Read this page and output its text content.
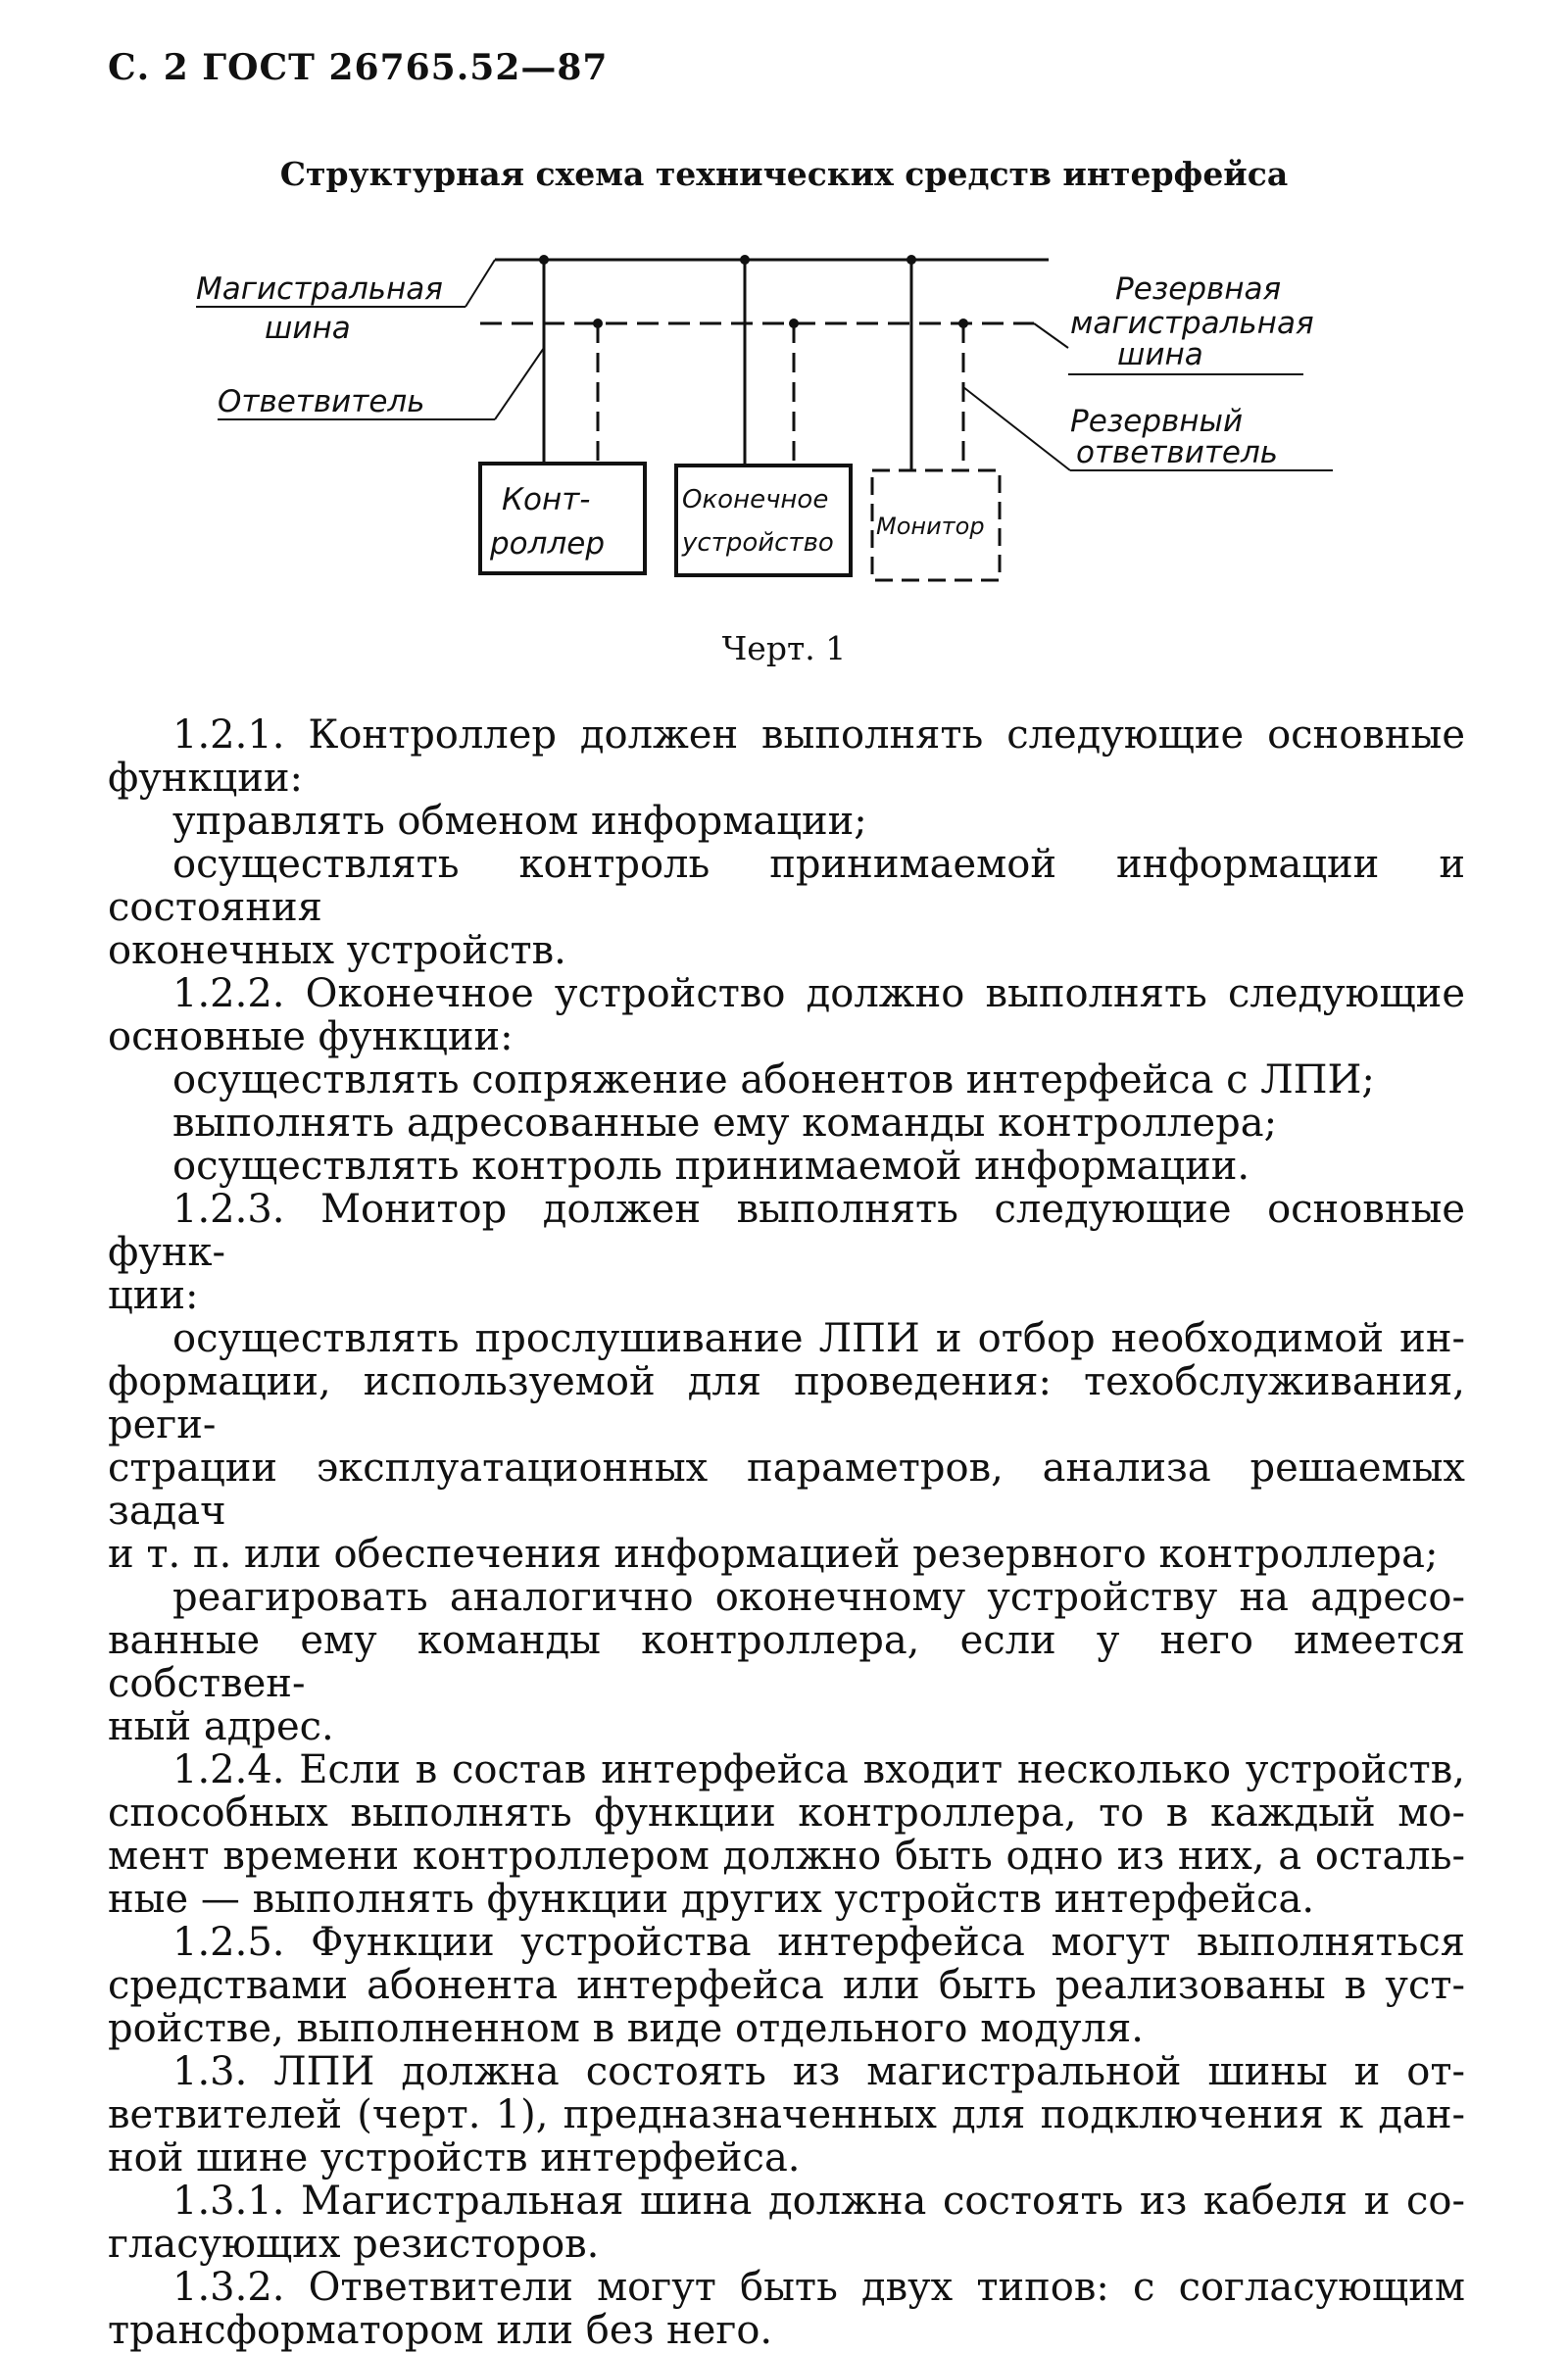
С. 2 ГОСТ 26765.52—87
Структурная схема технических средств интерфейса
Конт-
роллер
Оконечное
устройство
Монитор
Магистральная
шина
Ответвитель
Резервная
магистральная
шина
Резервный
ответвитель
Черт. 1

1.2.1. Контроллер должен выполнять следующие основные

функции:

управлять обменом информации;

осуществлять контроль принимаемой информации и состояния

оконечных устройств.

1.2.2. Оконечное устройство должно выполнять следующие

основные функции:

осуществлять сопряжение абонентов интерфейса с ЛПИ;

выполнять адресованные ему команды контроллера;

осуществлять контроль принимаемой информации.

1.2.3. Монитор должен выполнять следующие основные функ-

ции:

осуществлять прослушивание ЛПИ и отбор необходимой ин-

формации, используемой для проведения: техобслуживания, реги-

страции эксплуатационных параметров, анализа решаемых задач

и т. п. или обеспечения информацией резервного контроллера;

реагировать аналогично оконечному устройству на адресо-

ванные ему команды контроллера, если у него имеется собствен-

ный адрес.

1.2.4. Если в состав интерфейса входит несколько устройств,

способных выполнять функции контроллера, то в каждый мо-

мент времени контроллером должно быть одно из них, а осталь-

ные — выполнять функции других устройств интерфейса.

1.2.5. Функции устройства интерфейса могут выполняться

средствами абонента интерфейса или быть реализованы в уст-

ройстве, выполненном в виде отдельного модуля.

1.3. ЛПИ должна состоять из магистральной шины и от-

ветвителей (черт. 1), предназначенных для подключения к дан-

ной шине устройств интерфейса.

1.3.1. Магистральная шина должна состоять из кабеля и со-

гласующих резисторов.

1.3.2. Ответвители могут быть двух типов: с согласующим

трансформатором или без него.
